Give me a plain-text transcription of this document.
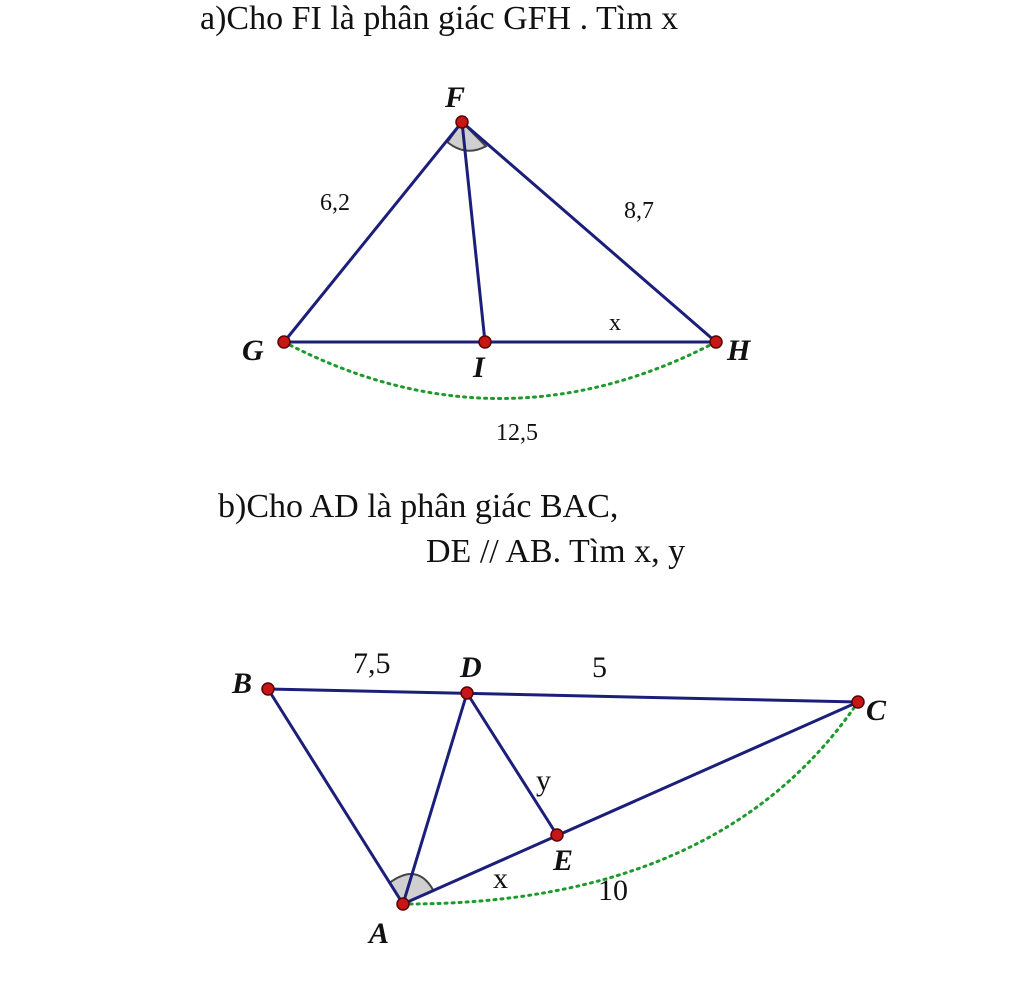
a)Cho FI là phân giác GFH . Tìm x
b)Cho AD là phân giác BAC,
DE // AB. Tìm x, y
F
G
I
H
6,2	8,7
x
12,5
A
B
C
D
E
7,5	5
y
x	10
